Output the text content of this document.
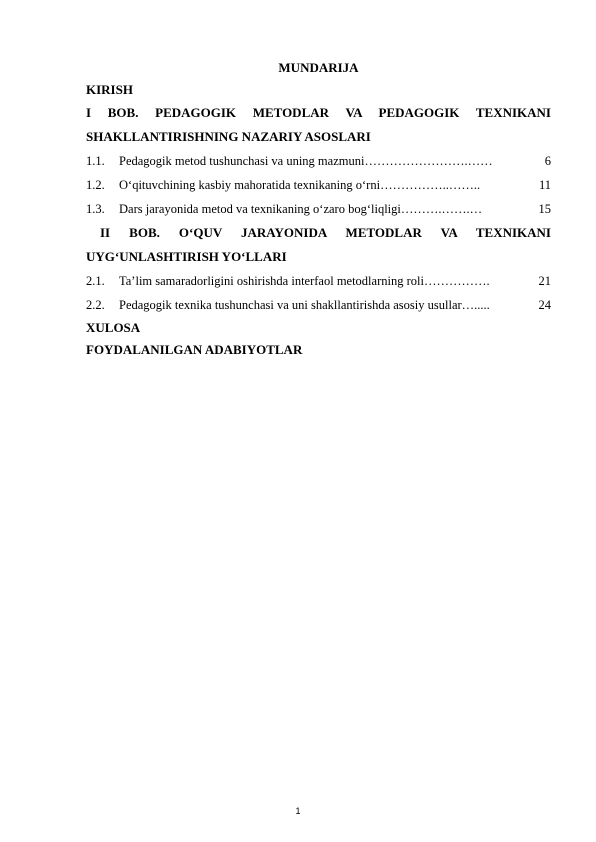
MUNDARIJA
KIRISH
I BOB. PEDAGOGIK METODLAR VA PEDAGOGIK TEXNIKANI
SHAKLLANTIRISHNING NAZARIY ASOSLARI
1.1.	Pedagogik metod tushunchasi va uning mazmuni …………………….……	6
1.2.	O‘qituvchining kasbiy mahoratida texnikaning o‘rni ……………..……..	11
1.3.	Dars jarayonida metod va texnikaning o‘zaro bog‘liqligi ……….…….…	15
II BOB. O‘QUV JARAYONIDA METODLAR VA TEXNIKANI
UYG‘UNLASHTIRISH YO‘LLARI
2.1.	Ta’lim samaradorligini oshirishda interfaol metodlarning roli …………….	21
2.2.	Pedagogik texnika tushunchasi va uni shakllantirishda asosiy usullar ….....	24
XULOSA
FOYDALANILGAN ADABIYOTLAR
1
